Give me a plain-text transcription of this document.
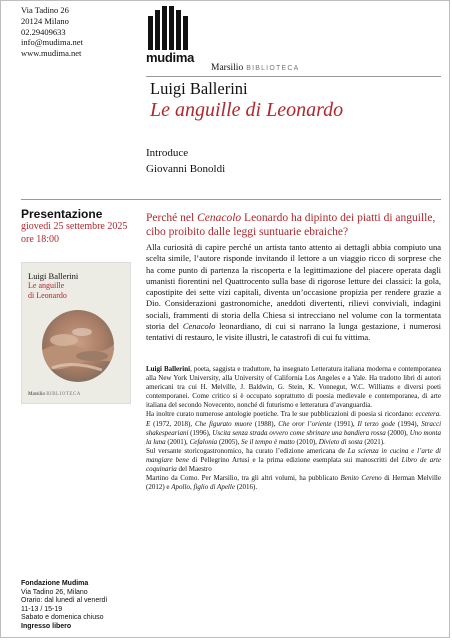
Via Tadino 26
20124 Milano
02.29409633
info@mudima.net
www.mudima.net	mudima
Marsilio BIBLIOTECA
Luigi Ballerini
Le anguille di Leonardo
Introduce
Giovanni Bonoldi
Presentazione
giovedì 25 settembre 2025
ore 18:00
Perché nel Cenacolo Leonardo ha dipinto dei piatti di anguille, cibo proibito dalle leggi suntuarie ebraiche?
Alla curiosità di capire perché un artista tanto attento ai dettagli abbia compiuto una scelta simile, l’autore risponde invitando il lettore a un viaggio ricco di sorprese che ha come punto di partenza la riscoperta e la legittimazione del piacere operata dagli umanisti fiorentini nel Quattrocento sulla base di rigorose letture dei classici: la gola, capostipite dei sette vizi capitali, diventa un’occasione propizia per rendere grazie a Dio. Considerazioni gastronomiche, aneddoti divertenti, rilievi conviviali, indagini sociali, frammenti di storia della Chiesa si intrecciano nel volume con la tormentata storia del Cenacolo leonardiano, di cui si narrano la lunga gestazione, i numerosi tentativi di restauro, le visite illustri, le catastrofi di cui fu vittima.
Luigi Ballerini
Le anguille
di Leonardo
Marsilio BIBLIOTECA
Luigi Ballerini, poeta, saggista e traduttore, ha insegnato Letteratura italiana moderna e contemporanea alla New York University, alla University of California Los Angeles e a Yale. Ha tradotto libri di autori americani tra cui H. Melville, J. Baldwin, G. Stein, K. Vonnegut, W.C. Williams e diversi poeti contemporanei. Come critico si è occupato soprattutto di poesia medievale e contemporanea, di arte italiana del secondo Novecento, nonché di futurismo e letteratura d’avanguardia.
Ha inoltre curato numerose antologie poetiche. Tra le sue pubblicazioni di poesia si ricordano: eccetera. E (1972, 2018), Che figurato muore (1988), Che oror l’oriente (1991), Il terzo gode (1994), Stracci shakespeariani (1996), Uscita senza strada ovvero come sbrinare una bandiera rossa (2000), Uno monta la luna (2001), Cefalonia (2005), Se il tempo è matto (2010), Divieto di sosta (2021).
Sul versante storicogastronomico, ha curato l’edizione americana de La scienza in cucina e l’arte di mangiare bene di Pellegrino Artusi e la prima edizione esemplata sui manoscritti del Libro de arte coquinaria del Maestro
Martino da Como. Per Marsilio, tra gli altri volumi, ha pubblicato Benito Cereno di Herman Melville (2012) e Apollo, figlio di Apelle (2016).
Fondazione Mudima
Via Tadino 26, Milano
Orario: dal lunedì al venerdì
11-13 / 15-19
Sabato e domenica chiuso
Ingresso libero
